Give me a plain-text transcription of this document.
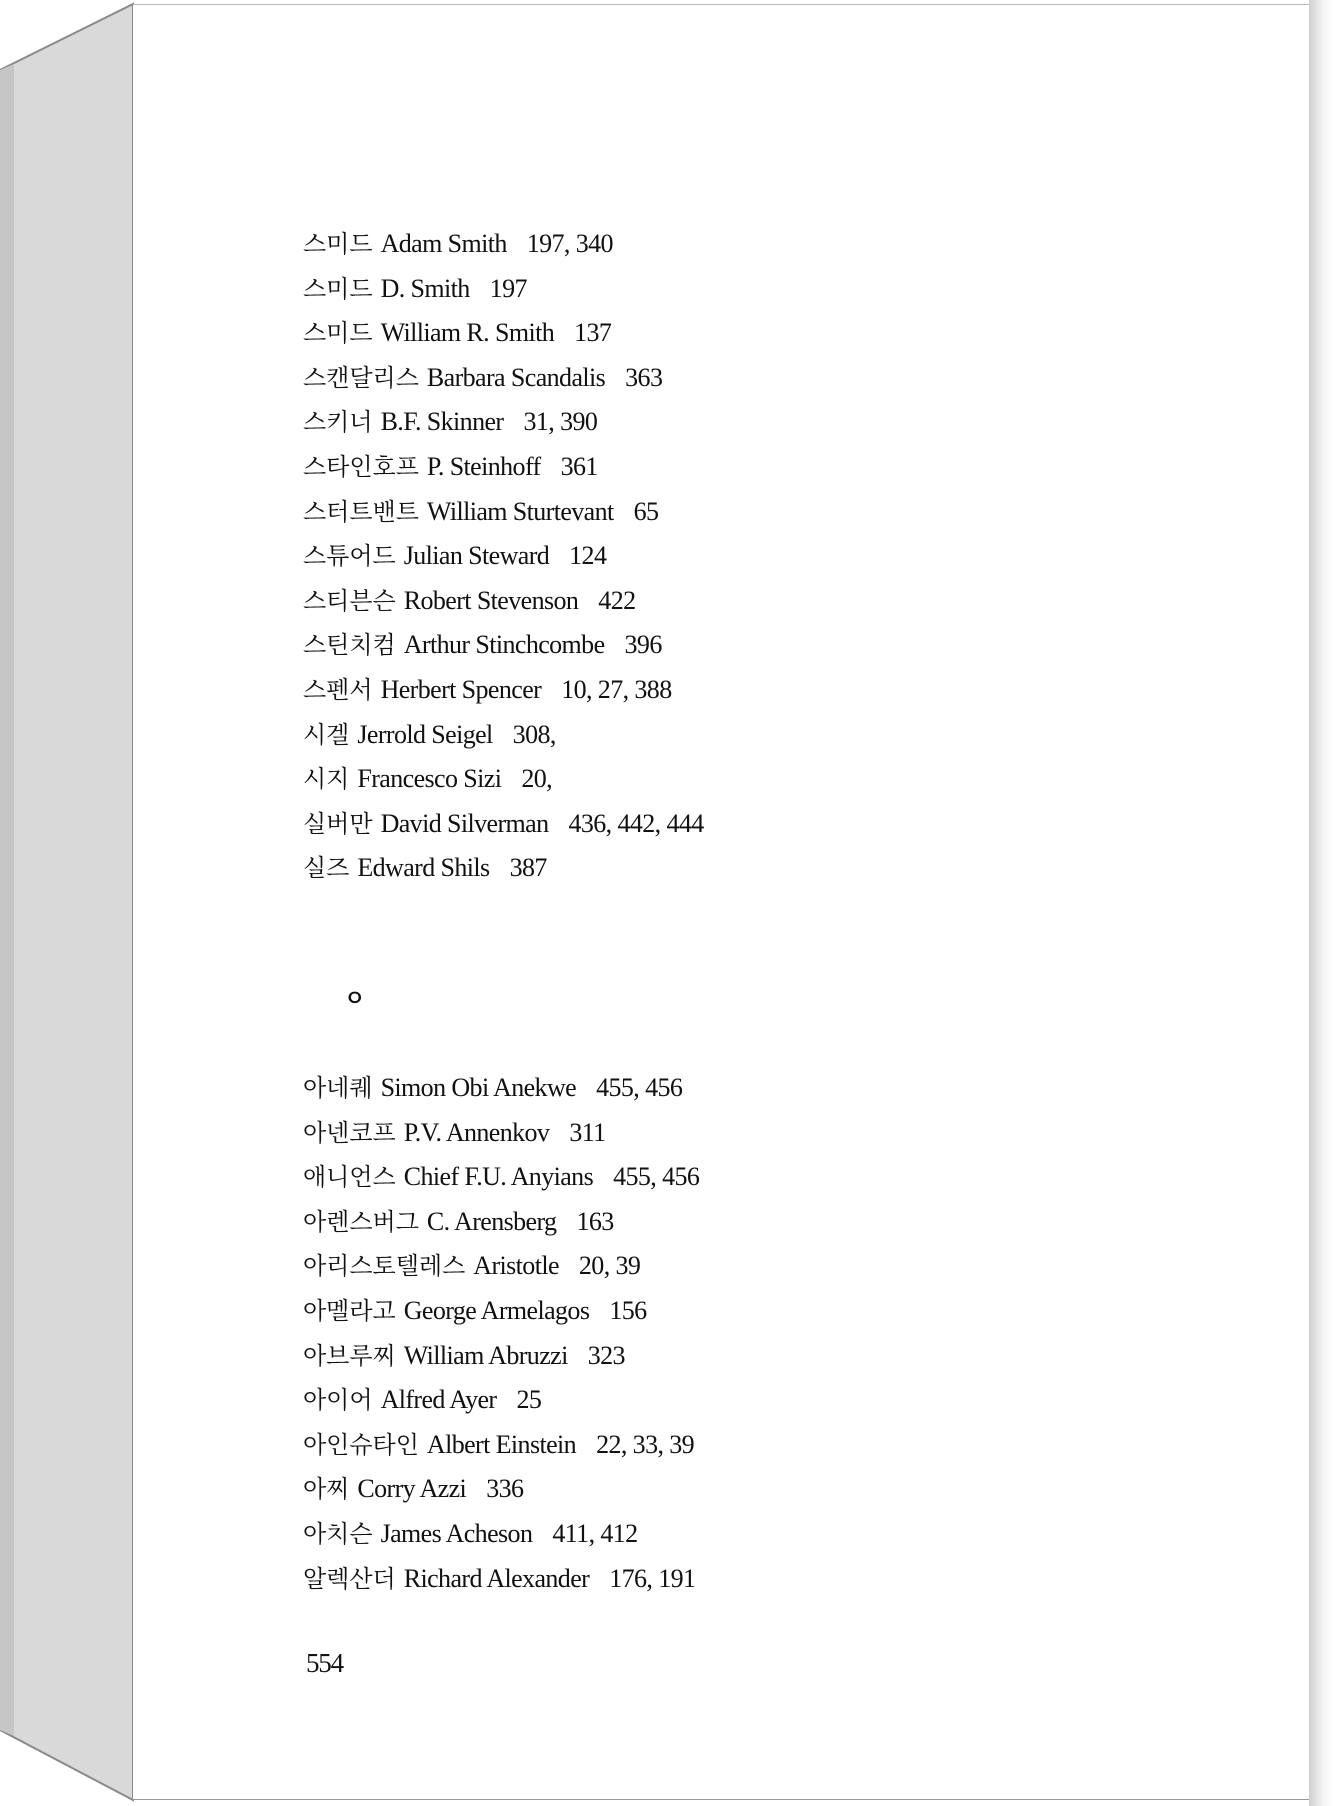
스미드 Adam Smith 197, 340
스미드 D. Smith 197
스미드 William R. Smith 137
스캔달리스 Barbara Scandalis 363
스키너 B.F. Skinner 31, 390
스타인호프 P. Steinhoff 361
스터트밴트 William Sturtevant 65
스튜어드 Julian Steward 124
스티븐슨 Robert Stevenson 422
스틴치컴 Arthur Stinchcombe 396
스펜서 Herbert Spencer 10, 27, 388
시겔 Jerrold Seigel 308,
시지 Francesco Sizi 20,
실버만 David Silverman 436, 442, 444
실즈 Edward Shils 387
ㅇ
아네퀘 Simon Obi Anekwe 455, 456
아넨코프 P.V. Annenkov 311
애니언스 Chief F.U. Anyians 455, 456
아렌스버그 C. Arensberg 163
아리스토텔레스 Aristotle 20, 39
아멜라고 George Armelagos 156
아브루찌 William Abruzzi 323
아이어 Alfred Ayer 25
아인슈타인 Albert Einstein 22, 33, 39
아찌 Corry Azzi 336
아치슨 James Acheson 411, 412
알렉산더 Richard Alexander 176, 191
554
